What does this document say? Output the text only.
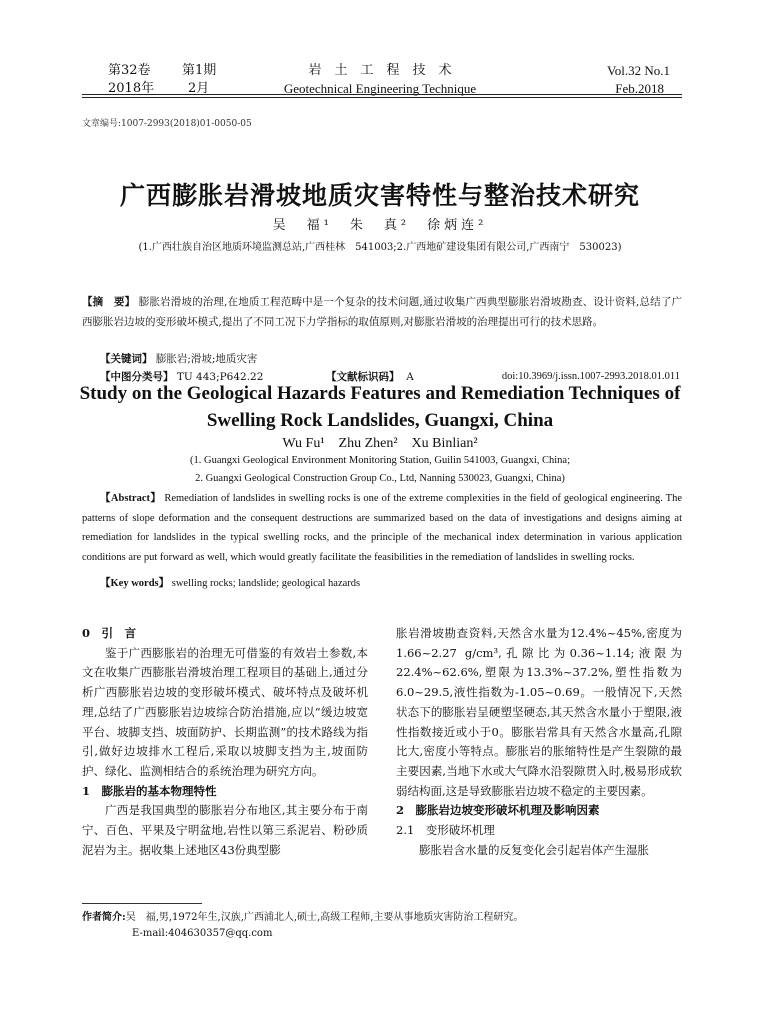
第32卷 第1期
2018年	2月
岩　土　工　程　技　术
Geotechnical Engineering Technique
Vol.32 No.1
Feb.2018
文章编号:1007-2993(2018)01-0050-05
广西膨胀岩滑坡地质灾害特性与整治技术研究
吴　福¹　朱　真²　徐炳连²
(1.广西壮族自治区地质环境监测总站,广西桂林　541003;2.广西地矿建设集团有限公司,广西南宁　530023)
【摘　要】 膨胀岩滑坡的治理,在地质工程范畴中是一个复杂的技术问题,通过收集广西典型膨胀岩滑坡勘查、设计资料,总结了广西膨胀岩边坡的变形破坏模式,提出了不同工况下力学指标的取值原则,对膨胀岩滑坡的治理提出可行的技术思路。
【关键词】 膨胀岩;滑坡;地质灾害
【中图分类号】 TU 443;P642.22	【文献标识码】 A	doi:10.3969/j.issn.1007-2993.2018.01.011
Study on the Geological Hazards Features and Remediation Techniques of
Swelling Rock Landslides, Guangxi, China
Wu Fu¹　Zhu Zhen²　Xu Binlian²
(1. Guangxi Geological Environment Monitoring Station, Guilin 541003, Guangxi, China;
2. Guangxi Geological Construction Group Co., Ltd, Nanning 530023, Guangxi, China)
【Abstract】 Remediation of landslides in swelling rocks is one of the extreme complexities in the field of geological engineering. The patterns of slope deformation and the consequent destructions are summarized based on the data of investigations and designs aiming at remediation for landslides in the typical swelling rocks, and the principle of the mechanical index determination in various application conditions are put forward as well, which would greatly facilitate the feasibilities in the remediation of landslides in swelling rocks.
【Key words】 swelling rocks; landslide; geological hazards

0　引　言

鉴于广西膨胀岩的治理无可借鉴的有效岩土参数,本文在收集广西膨胀岩滑坡治理工程项目的基础上,通过分析广西膨胀岩边坡的变形破坏模式、破坏特点及破坏机理,总结了广西膨胀岩边坡综合防治措施,应以“缓边坡宽平台、坡脚支挡、坡面防护、长期监测”的技术路线为指引,做好边坡排水工程后,采取以坡脚支挡为主,坡面防护、绿化、监测相结合的系统治理为研究方向。

1　膨胀岩的基本物理特性

广西是我国典型的膨胀岩分布地区,其主要分布于南宁、百色、平果及宁明盆地,岩性以第三系泥岩、粉砂质泥岩为主。据收集上述地区43份典型膨

胀岩滑坡勘查资料,天然含水量为12.4%~45%,密度为1.66~2.27 g/cm³,孔隙比为0.36~1.14;液限为22.4%~62.6%,塑限为13.3%~37.2%,塑性指数为6.0~29.5,液性指数为-1.05~0.69。一般情况下,天然状态下的膨胀岩呈硬塑坚硬态,其天然含水量小于塑限,液性指数接近或小于0。膨胀岩常具有天然含水量高,孔隙比大,密度小等特点。膨胀岩的胀缩特性是产生裂隙的最主要因素,当地下水或大气降水沿裂隙贯入时,极易形成软弱结构面,这是导致膨胀岩边坡不稳定的主要因素。

2　膨胀岩边坡变形破坏机理及影响因素

2.1　变形破坏机理

膨胀岩含水量的反复变化会引起岩体产生湿胀

作者简介:吴　福,男,1972年生,汉族,广西浦北人,硕士,高级工程师,主要从事地质灾害防治工程研究。
E-mail:404630357@qq.com
